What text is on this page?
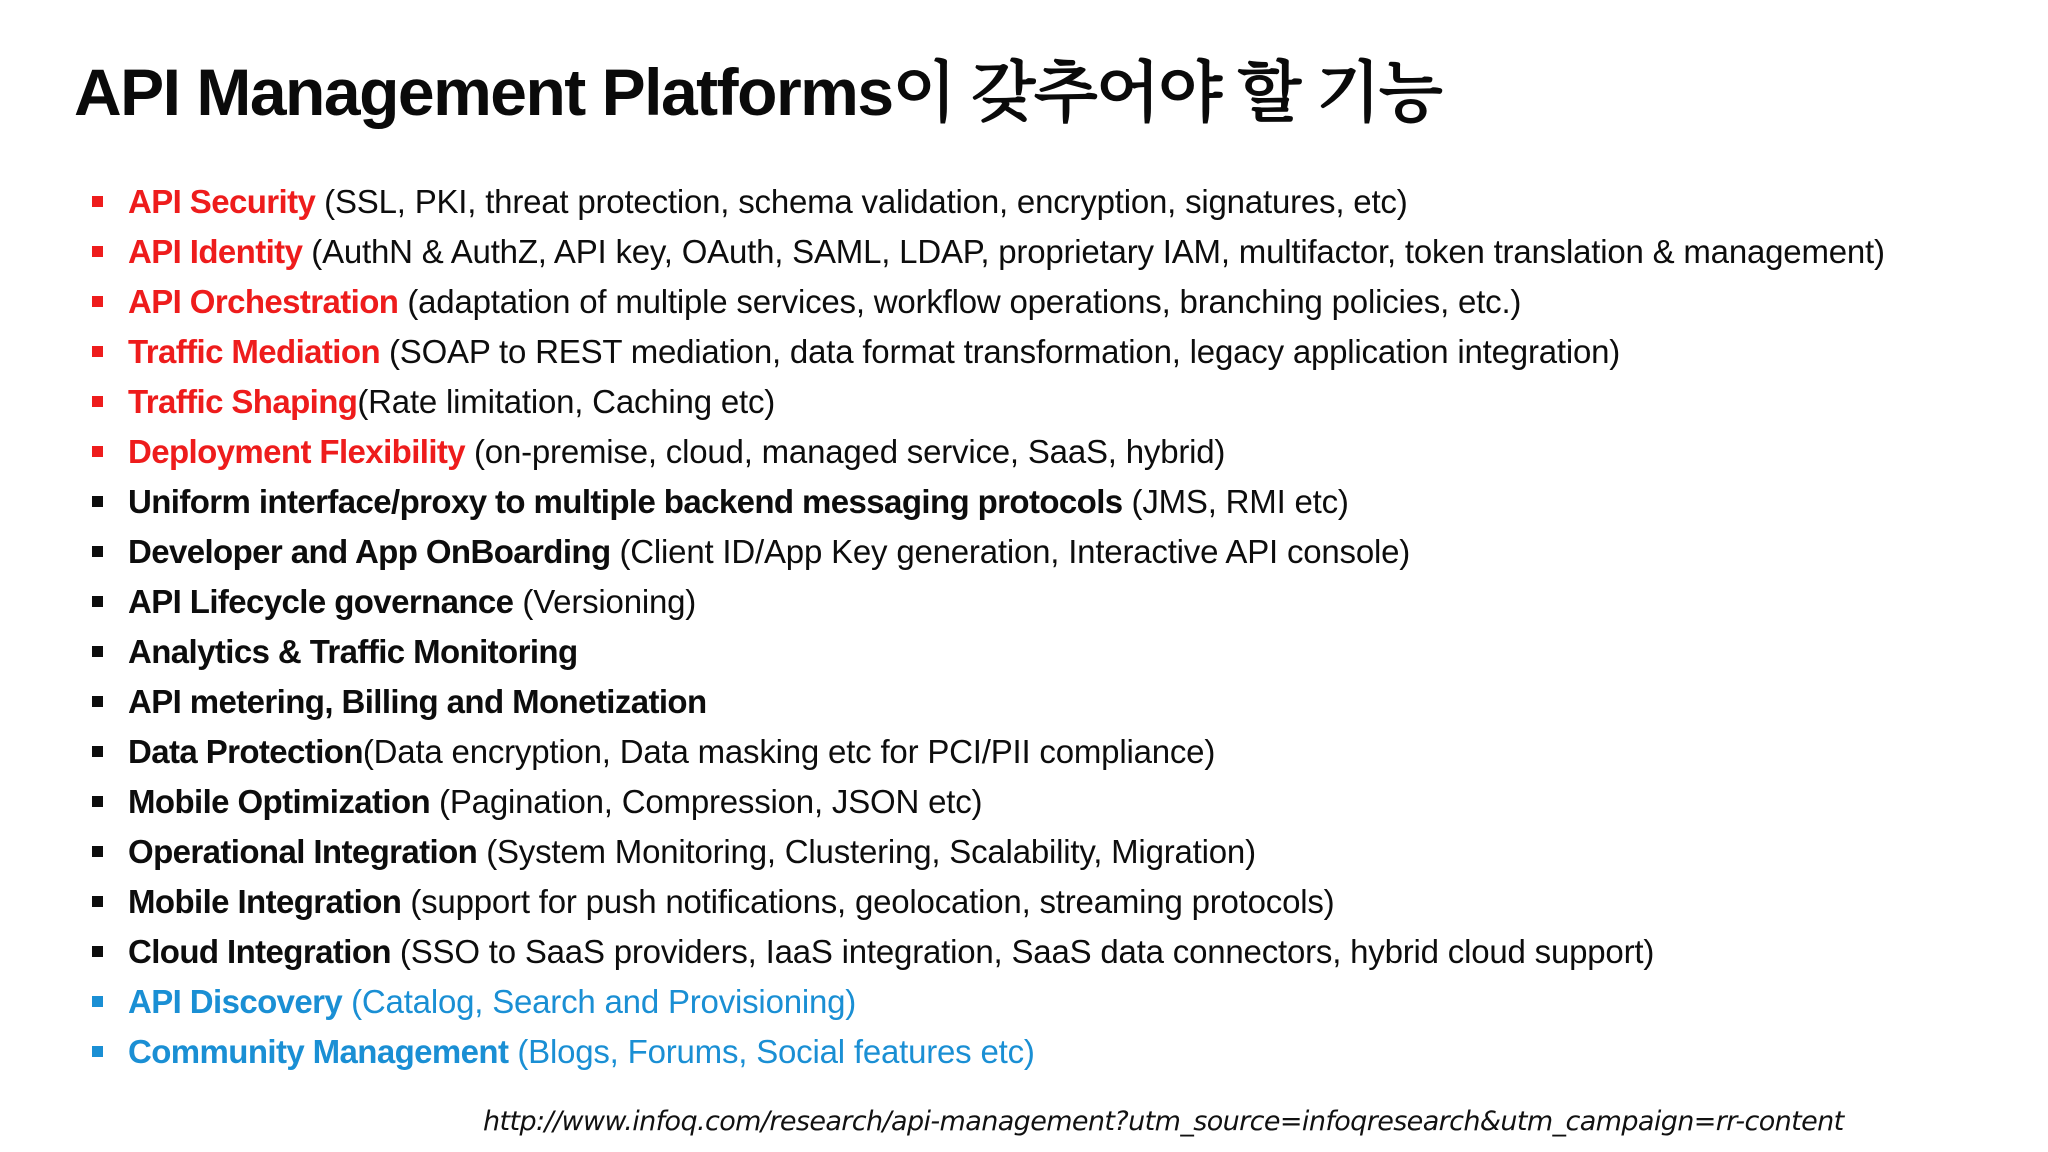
API Management Platforms이 갖추어야 할 기능
API Security (SSL, PKI, threat protection, schema validation, encryption, signatures, etc)
API Identity (AuthN & AuthZ, API key, OAuth, SAML, LDAP, proprietary IAM, multifactor, token translation & management)
API Orchestration (adaptation of multiple services, workflow operations, branching policies, etc.)
Traffic Mediation (SOAP to REST mediation, data format transformation, legacy application integration)
Traffic Shaping(Rate limitation, Caching etc)
Deployment Flexibility (on-premise, cloud, managed service, SaaS, hybrid)
Uniform interface/proxy to multiple backend messaging protocols (JMS, RMI etc)
Developer and App OnBoarding (Client ID/App Key generation, Interactive API console)
API Lifecycle governance (Versioning)
Analytics & Traffic Monitoring
API metering, Billing and Monetization
Data Protection(Data encryption, Data masking etc for PCI/PII compliance)
Mobile Optimization (Pagination, Compression, JSON etc)
Operational Integration (System Monitoring, Clustering, Scalability, Migration)
Mobile Integration (support for push notifications, geolocation, streaming protocols)
Cloud Integration (SSO to SaaS providers, IaaS integration, SaaS data connectors, hybrid cloud support)
API Discovery (Catalog, Search and Provisioning)
Community Management (Blogs, Forums, Social features etc)
http://www.infoq.com/research/api-management?utm_source=infoqresearch&utm_campaign=rr-content
